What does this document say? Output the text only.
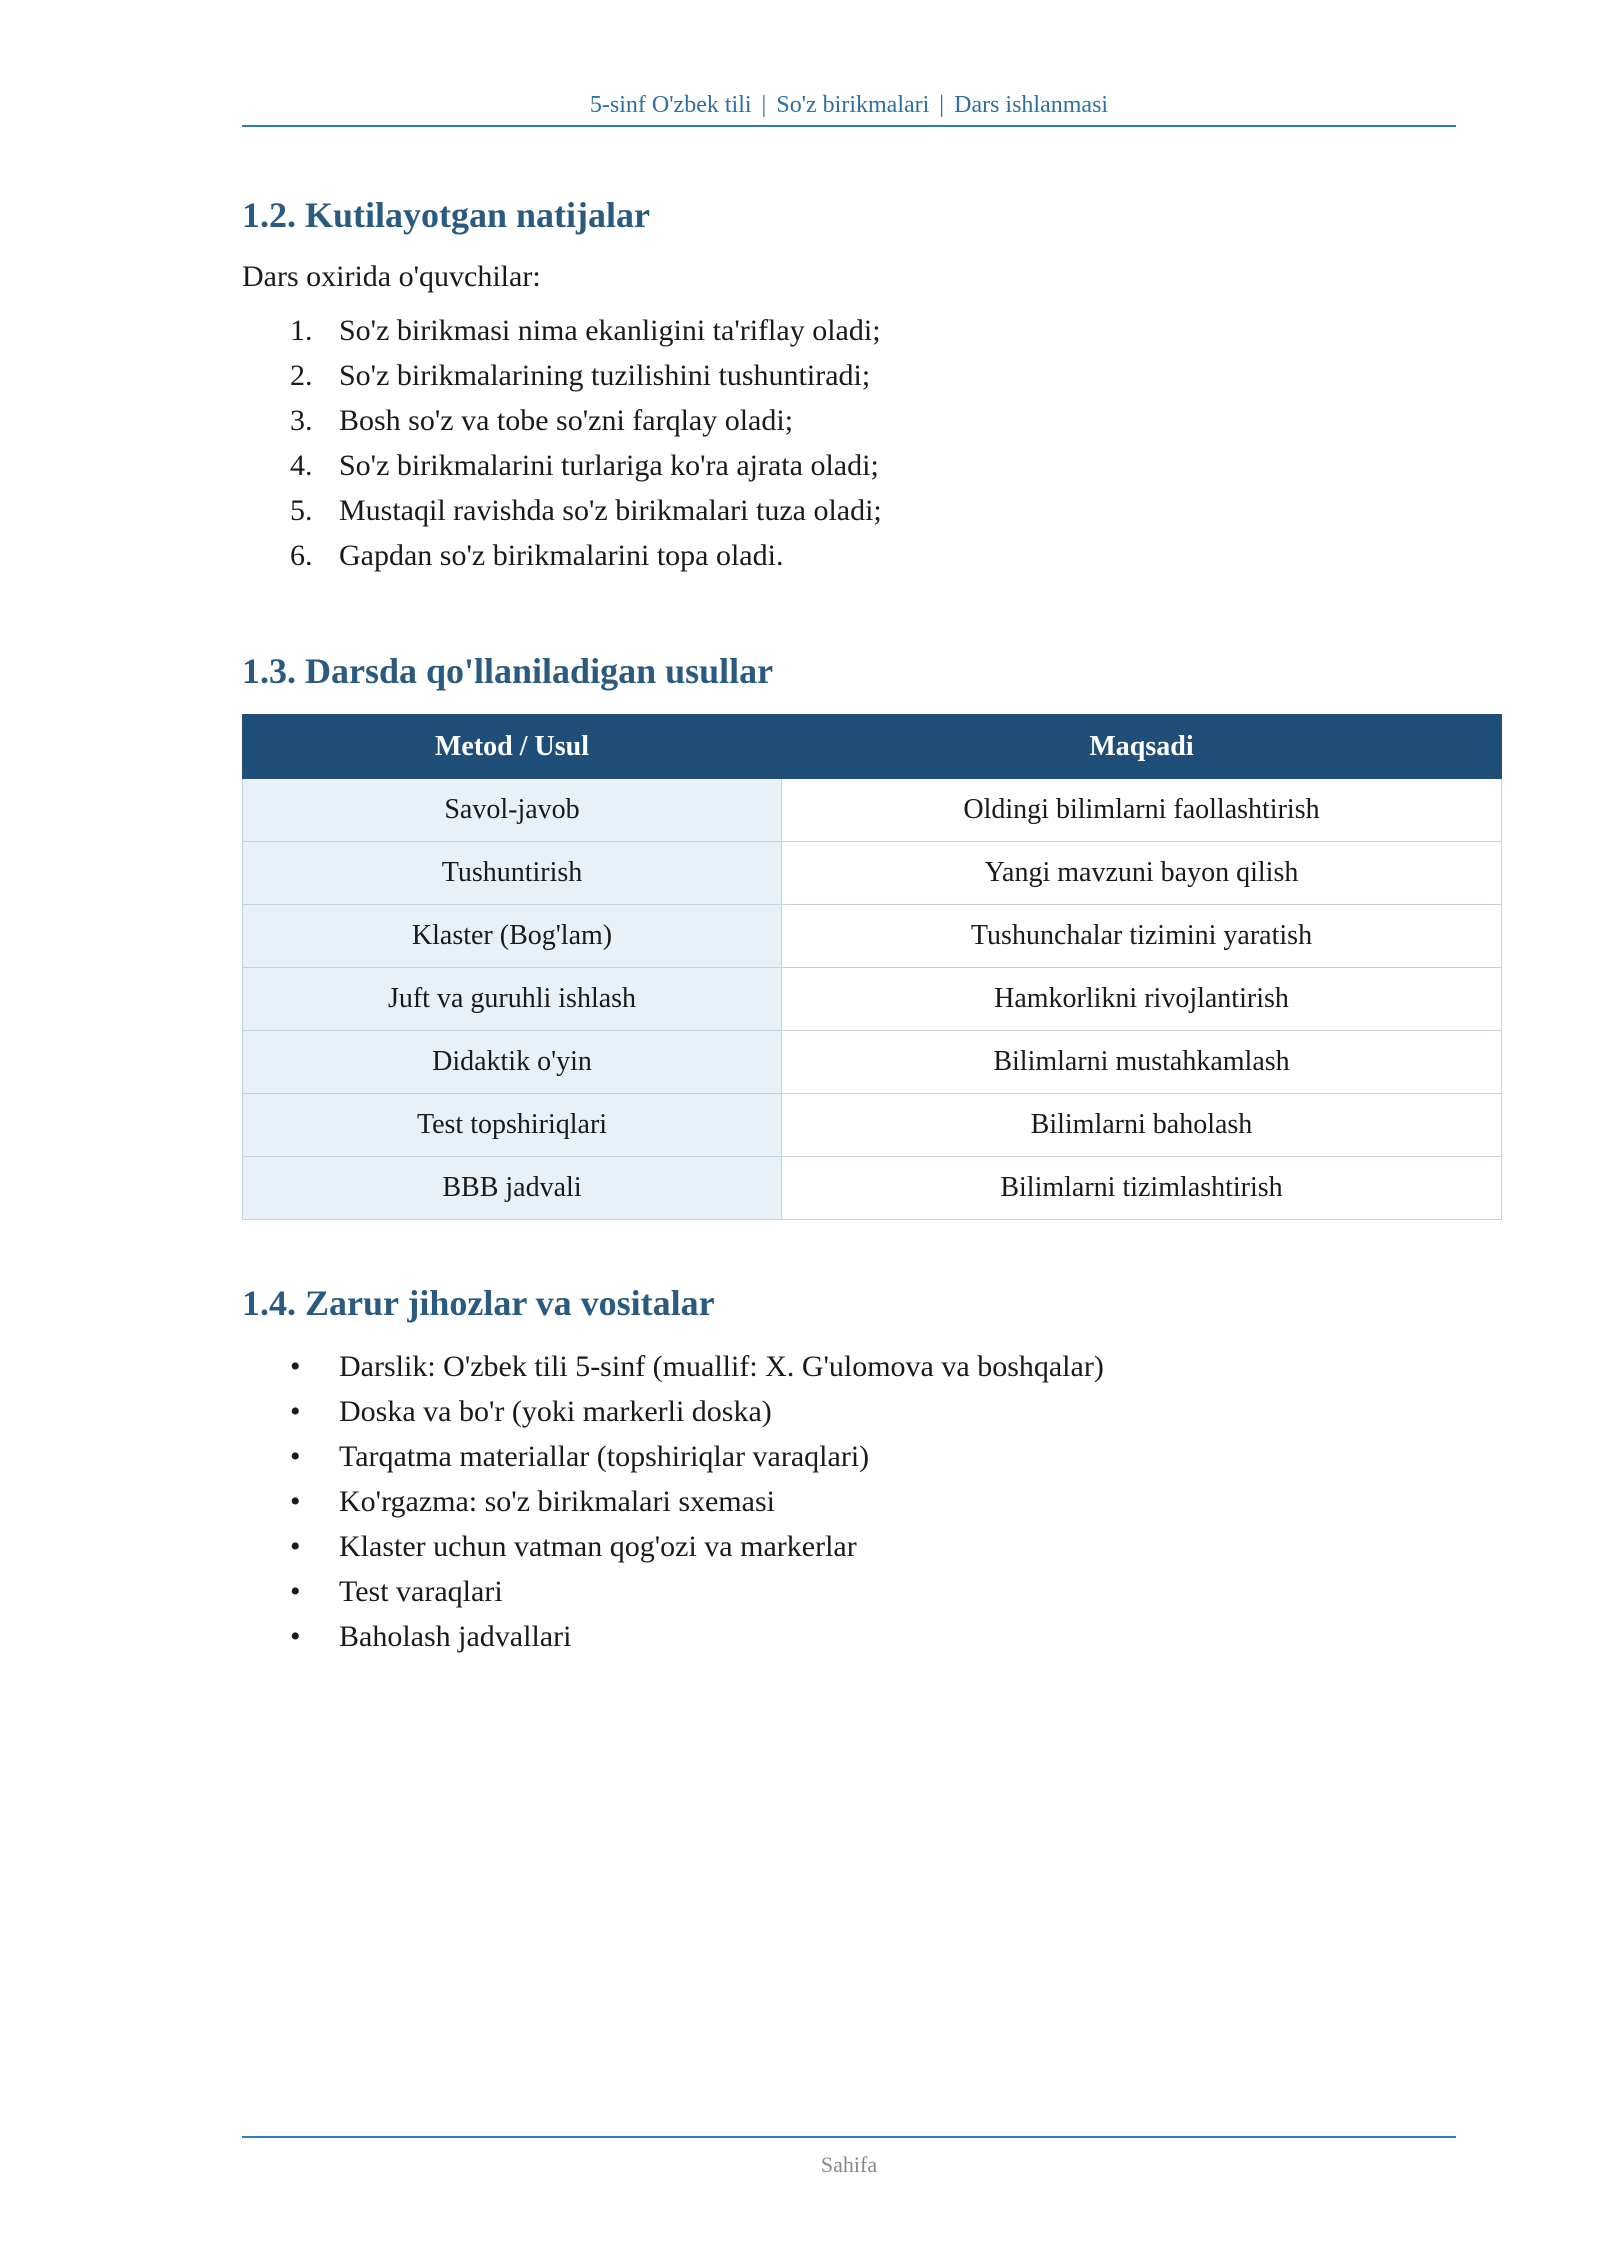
5-sinf O'zbek tili | So'z birikmalari | Dars ishlanmasi
1.2. Kutilayotgan natijalar

Dars oxirida o'quvchilar:

1. So'z birikmasi nima ekanligini ta'riflay oladi;
2. So'z birikmalarining tuzilishini tushuntiradi;
3. Bosh so'z va tobe so'zni farqlay oladi;
4. So'z birikmalarini turlariga ko'ra ajrata oladi;
5. Mustaqil ravishda so'z birikmalari tuza oladi;
6. Gapdan so'z birikmalarini topa oladi.
1.3. Darsda qo'llaniladigan usullar
Metod / Usul	Maqsadi
Savol-javob	Oldingi bilimlarni faollashtirish
Tushuntirish	Yangi mavzuni bayon qilish
Klaster (Bog'lam)	Tushunchalar tizimini yaratish
Juft va guruhli ishlash	Hamkorlikni rivojlantirish
Didaktik o'yin	Bilimlarni mustahkamlash
Test topshiriqlari	Bilimlarni baholash
BBB jadvali	Bilimlarni tizimlashtirish
1.4. Zarur jihozlar va vositalar
• Darslik: O'zbek tili 5-sinf (muallif: X. G'ulomova va boshqalar)
• Doska va bo'r (yoki markerli doska)
• Tarqatma materiallar (topshiriqlar varaqlari)
• Ko'rgazma: so'z birikmalari sxemasi
• Klaster uchun vatman qog'ozi va markerlar
• Test varaqlari
• Baholash jadvallari
Sahifa
